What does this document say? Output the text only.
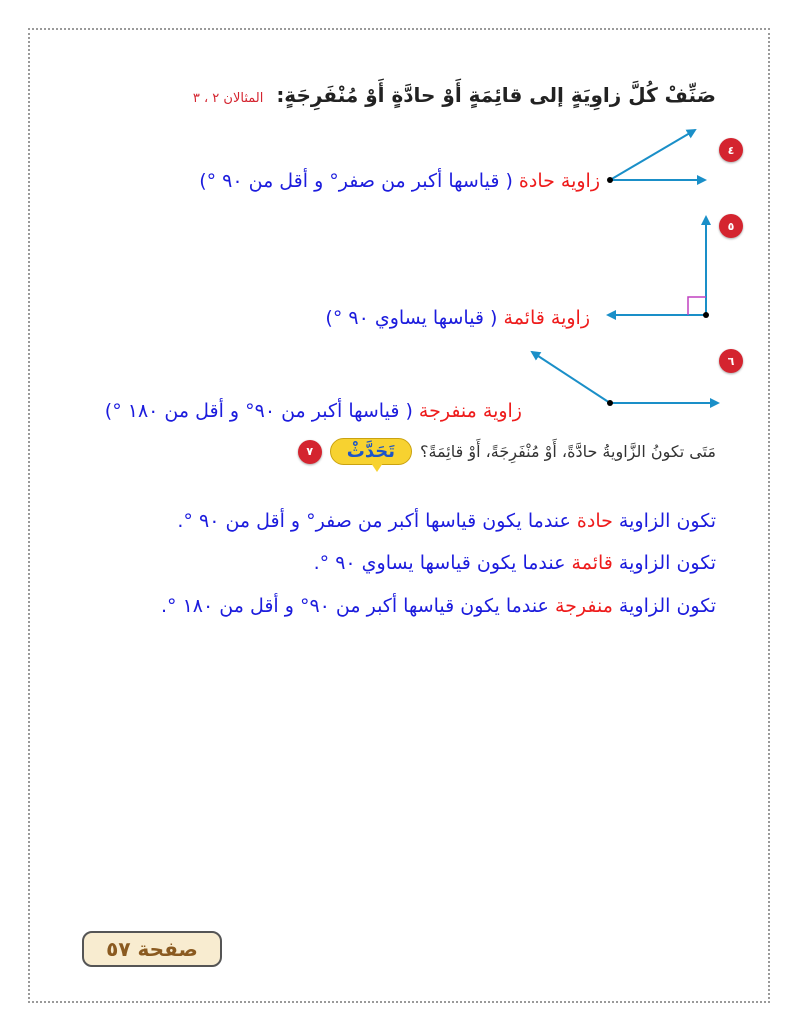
صَنِّفْ كُلَّ زاوِيَةٍ إلى قائِمَةٍ أَوْ حادَّةٍ أَوْ مُنْفَرِجَةٍ: المثالان ٢ ، ٣
٤
زاوية حادة ( قياسها أكبر من صفر° و أقل من ٩٠ °)
٥
زاوية قائمة ( قياسها يساوي ٩٠ °)
٦
زاوية منفرجة ( قياسها أكبر من ٩٠° و أقل من ١٨٠ °)
٧	تَحَدَّثْ	مَتَى تكونُ الزَّاويةُ حادَّةً، أَوْ مُنْفَرِجَةً، أَوْ قائِمَةً؟
تكون الزاوية حادة عندما يكون قياسها أكبر من صفر° و أقل من ٩٠ °.
تكون الزاوية قائمة عندما يكون قياسها يساوي ٩٠ °.
تكون الزاوية منفرجة عندما يكون قياسها أكبر من ٩٠° و أقل من ١٨٠ °.
صفحة ٥٧
